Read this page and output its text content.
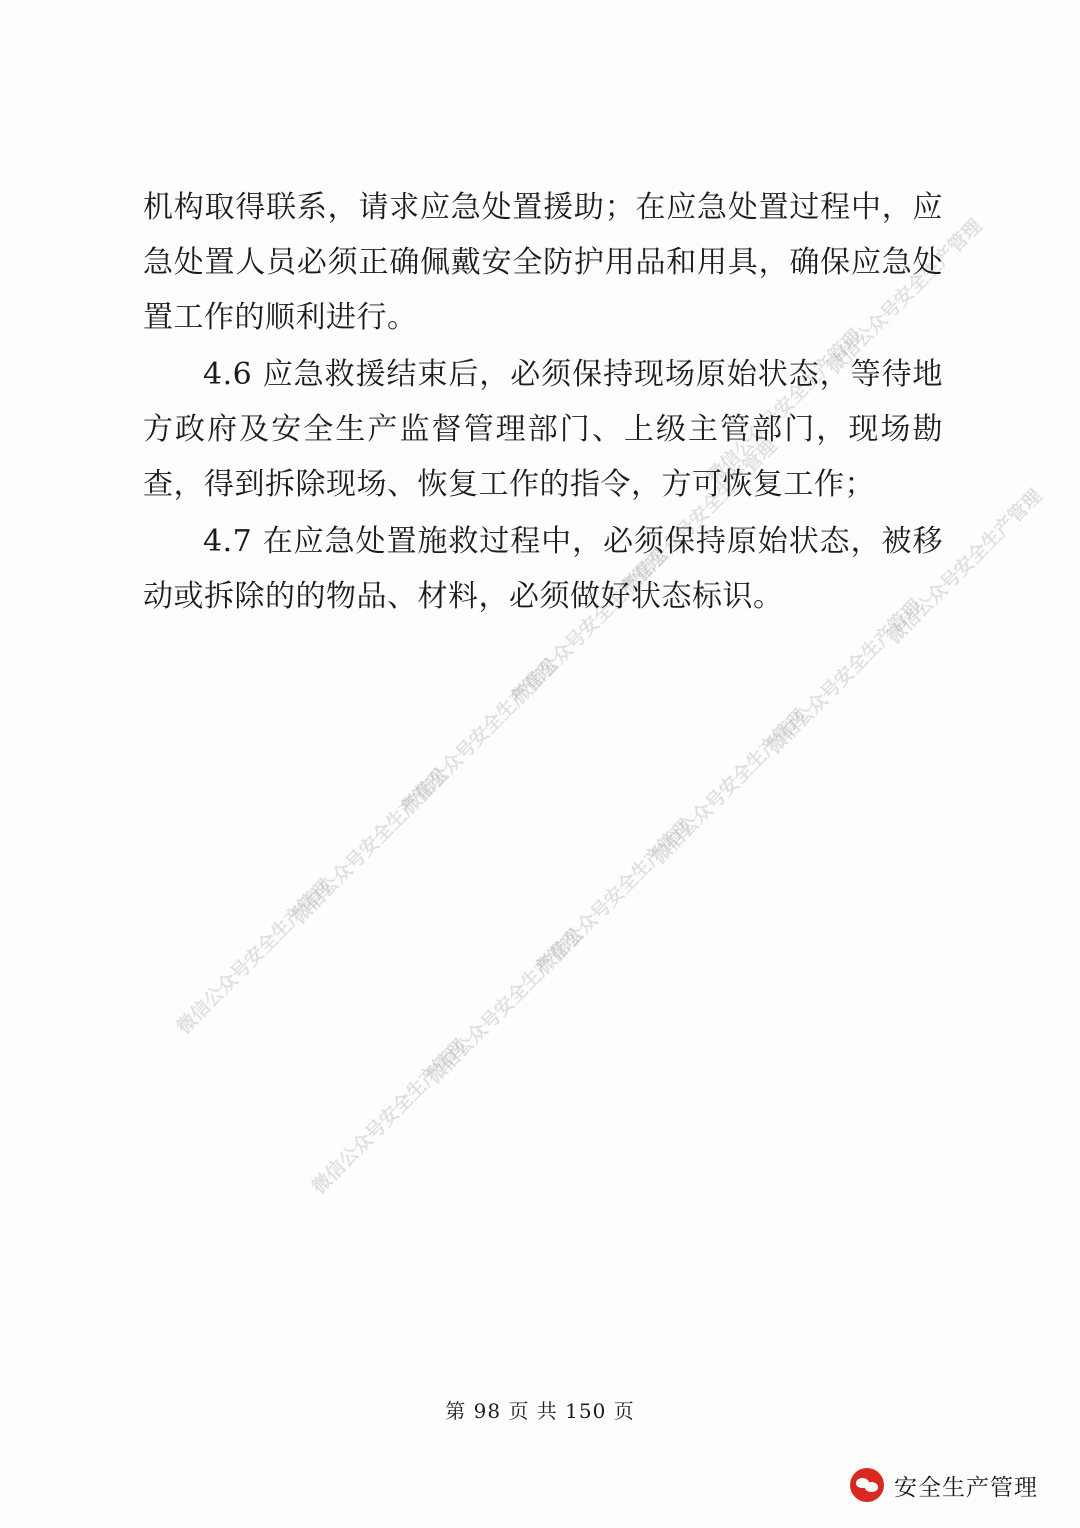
微信公众号安全生产管理
微信公众号安全生产管理
微信公众号安全生产管理
微信公众号安全生产管理
微信公众号安全生产管理
微信公众号安全生产管理
微信公众号安全生产管理
微信公众号安全生产管理
微信公众号安全生产管理
微信公众号安全生产管理
微信公众号安全生产管理
微信公众号安全生产管理
微信公众号安全生产管理

机构取得联系，请求应急处置援助；在应急处置过程中，应急处置人员必须正确佩戴安全防护用品和用具，确保应急处置工作的顺利进行。

4.6 应急救援结束后，必须保持现场原始状态，等待地方政府及安全生产监督管理部门、上级主管部门，现场勘查，得到拆除现场、恢复工作的指令，方可恢复工作；

4.7 在应急处置施救过程中，必须保持原始状态，被移动或拆除的的物品、材料，必须做好状态标识。

第 98 页 共 150 页
安全生产管理
